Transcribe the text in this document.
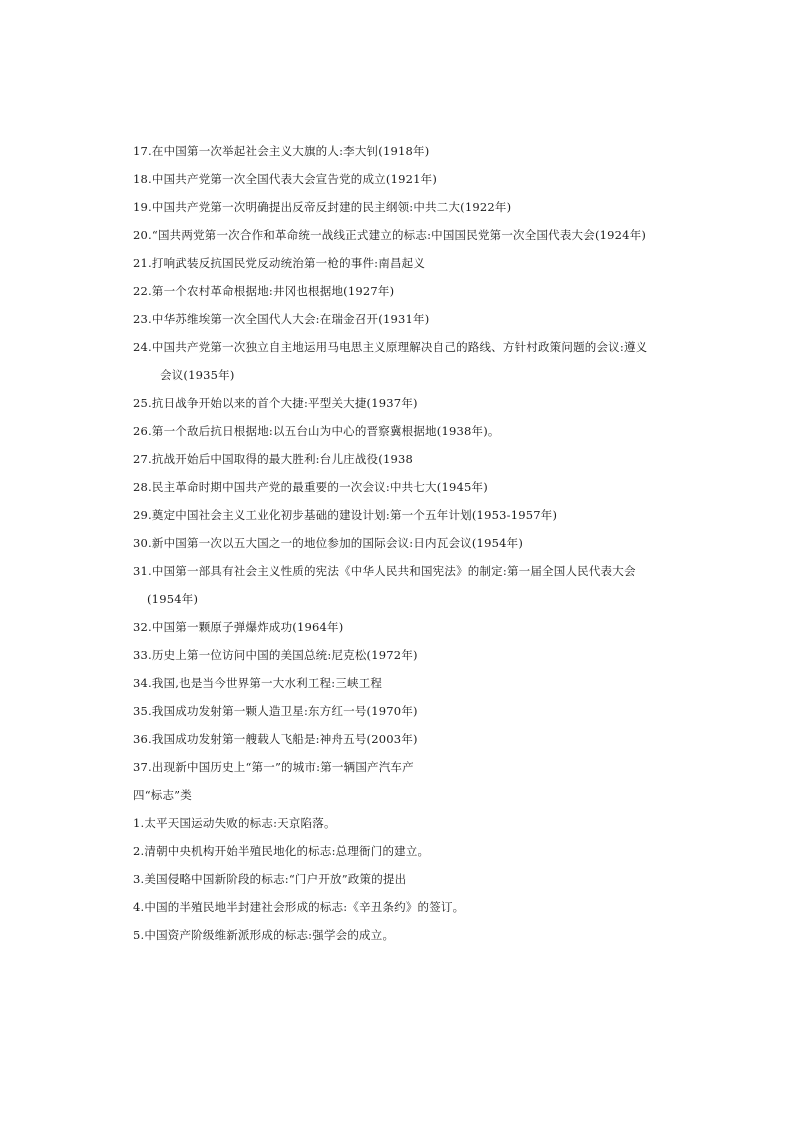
17.在中国第一次举起社会主义大旗的人:李大钊(1918年)
18.中国共产党第一次全国代表大会宣告党的成立(1921年)
19.中国共产党第一次明确提出反帝反封建的民主纲领:中共二大(1922年)
20.“国共两党第一次合作和革命统一战线正式建立的标志:中国国民党第一次全国代表大会(1924年)
21.打响武装反抗国民党反动统治第一枪的事件:南昌起义
22.第一个农村革命根据地:井冈也根据地(1927年)
23.中华苏维埃第一次全国代人大会:在瑞金召开(1931年)
24.中国共产党第一次独立自主地运用马电思主义原理解决自己的路线、方针村政策问题的会议:遵义
会议(1935年)
25.抗日战争开始以来的首个大捷:平型关大捷(1937年)
26.第一个敌后抗日根据地:以五台山为中心的晋察冀根据地(1938年)。
27.抗战开始后中国取得的最大胜利:台儿庄战役(1938
28.民主革命时期中国共产党的最重要的一次会议:中共七大(1945年)
29.奠定中国社会主义工业化初步基础的建设计划:第一个五年计划(1953-1957年)
30.新中国第一次以五大国之一的地位参加的国际会议:日内瓦会议(1954年)
31.中国第一部具有社会主义性质的宪法《中华人民共和国宪法》的制定:第一届全国人民代表大会
(1954年)
32.中国第一颗原子弹爆炸成功(1964年)
33.历史上第一位访问中国的美国总统:尼克松(1972年)
34.我国,也是当今世界第一大水利工程:三峡工程
35.我国成功发射第一颗人造卫星:东方红一号(1970年)
36.我国成功发射第一艘载人飞船是:神舟五号(2003年)
37.出现新中国历史上“第一”的城市:第一辆国产汽车产
四“标志”类
1.太平天国运动失败的标志:天京陷落。
2.清朝中央机构开始半殖民地化的标志:总理衙门的建立。
3.美国侵略中国新阶段的标志:“门户开放”政策的提出
4.中国的半殖民地半封建社会形成的标志:《辛丑条约》的签订。
5.中国资产阶级维新派形成的标志:强学会的成立。
